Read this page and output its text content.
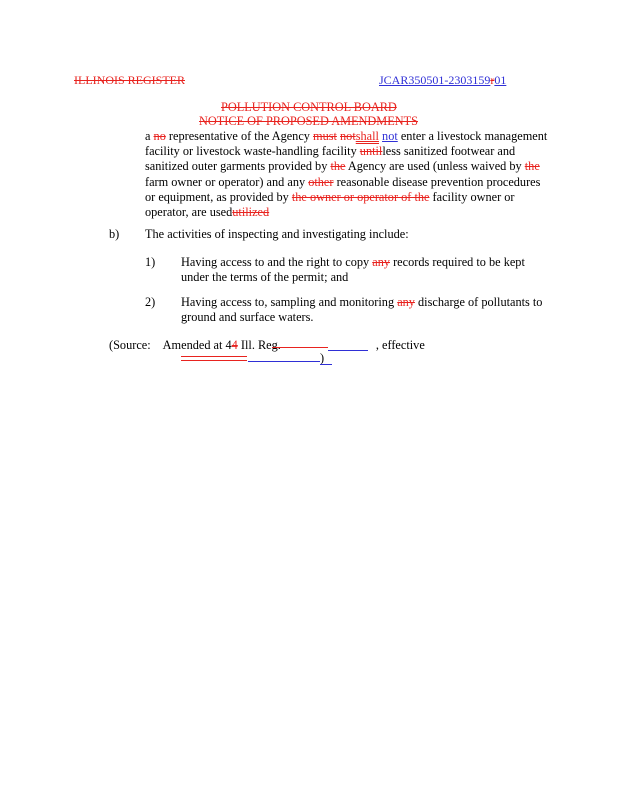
ILLINOIS REGISTER	JCAR350501-2303159r01
POLLUTION CONTROL BOARD
NOTICE OF PROPOSED AMENDMENTS
a no representative of the Agency must notshall not enter a livestock management
facility or livestock waste-handling facility untilless sanitized footwear and
sanitized outer garments provided by the Agency are used (unless waived by the
farm owner or operator) and any other reasonable disease prevention procedures
or equipment, as provided by the owner or operator of the facility owner or
operator, are usedutilized
b) The activities of inspecting and investigating include:
1) Having access to and the right to copy any records required to be kept
under the terms of the permit; and
2) Having access to, sampling and monitoring any discharge of pollutants to
ground and surface waters.
(Source: Amended at 44 Ill. Reg.	, effective
)
